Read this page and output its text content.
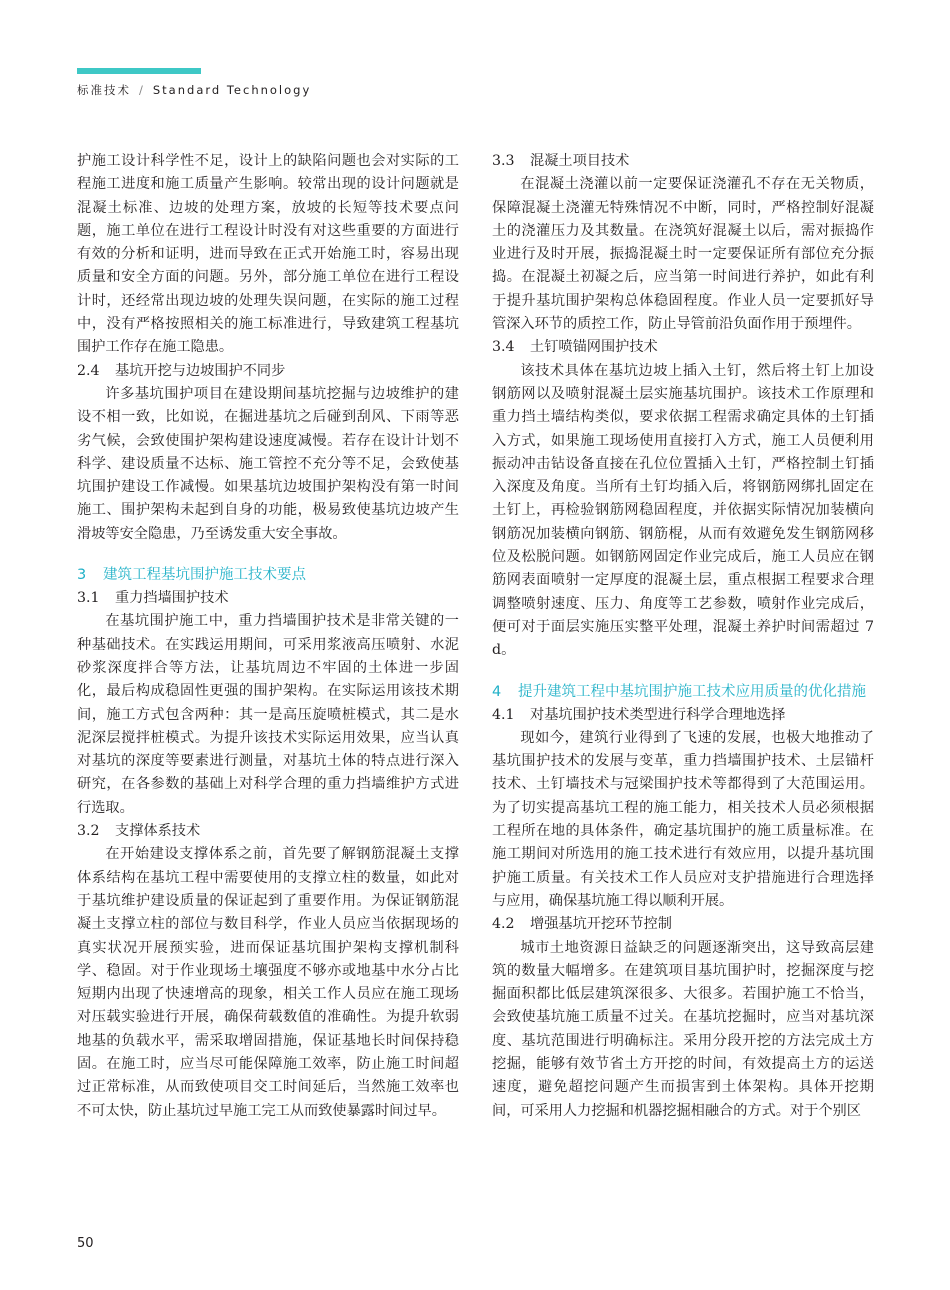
标准技术 / Standard Technology

护施工设计科学性不足，设计上的缺陷问题也会对实际的工程施工进度和施工质量产生影响。较常出现的设计问题就是混凝土标准、边坡的处理方案，放坡的长短等技术要点问题，施工单位在进行工程设计时没有对这些重要的方面进行有效的分析和证明，进而导致在正式开始施工时，容易出现质量和安全方面的问题。另外，部分施工单位在进行工程设计时，还经常出现边坡的处理失误问题，在实际的施工过程中，没有严格按照相关的施工标准进行，导致建筑工程基坑围护工作存在施工隐患。

2.4 基坑开挖与边坡围护不同步

许多基坑围护项目在建设期间基坑挖掘与边坡维护的建设不相一致，比如说，在掘进基坑之后碰到刮风、下雨等恶劣气候，会致使围护架构建设速度减慢。若存在设计计划不科学、建设质量不达标、施工管控不充分等不足，会致使基坑围护建设工作减慢。如果基坑边坡围护架构没有第一时间施工、围护架构未起到自身的功能，极易致使基坑边坡产生滑坡等安全隐患，乃至诱发重大安全事故。

3 建筑工程基坑围护施工技术要点
3.1 重力挡墙围护技术

在基坑围护施工中，重力挡墙围护技术是非常关键的一种基础技术。在实践运用期间，可采用浆液高压喷射、水泥砂浆深度拌合等方法，让基坑周边不牢固的土体进一步固化，最后构成稳固性更强的围护架构。在实际运用该技术期间，施工方式包含两种：其一是高压旋喷桩模式，其二是水泥深层搅拌桩模式。为提升该技术实际运用效果，应当认真对基坑的深度等要素进行测量，对基坑土体的特点进行深入研究，在各参数的基础上对科学合理的重力挡墙维护方式进行选取。

3.2 支撑体系技术

在开始建设支撑体系之前，首先要了解钢筋混凝土支撑体系结构在基坑工程中需要使用的支撑立柱的数量，如此对于基坑维护建设质量的保证起到了重要作用。为保证钢筋混凝土支撑立柱的部位与数目科学，作业人员应当依据现场的真实状况开展预实验，进而保证基坑围护架构支撑机制科学、稳固。对于作业现场土壤强度不够亦或地基中水分占比短期内出现了快速增高的现象，相关工作人员应在施工现场对压载实验进行开展，确保荷载数值的准确性。为提升软弱地基的负载水平，需采取增固措施，保证基地长时间保持稳固。在施工时，应当尽可能保障施工效率，防止施工时间超过正常标准，从而致使项目交工时间延后，当然施工效率也不可太快，防止基坑过早施工完工从而致使暴露时间过早。

3.3 混凝土项目技术

在混凝土浇灌以前一定要保证浇灌孔不存在无关物质，保障混凝土浇灌无特殊情况不中断，同时，严格控制好混凝土的浇灌压力及其数量。在浇筑好混凝土以后，需对振捣作业进行及时开展，振捣混凝土时一定要保证所有部位充分振捣。在混凝土初凝之后，应当第一时间进行养护，如此有利于提升基坑围护架构总体稳固程度。作业人员一定要抓好导管深入环节的质控工作，防止导管前沿负面作用于预埋件。

3.4 土钉喷锚网围护技术

该技术具体在基坑边坡上插入土钉，然后将土钉上加设钢筋网以及喷射混凝土层实施基坑围护。该技术工作原理和重力挡土墙结构类似，要求依据工程需求确定具体的土钉插入方式，如果施工现场使用直接打入方式，施工人员便利用振动冲击钻设备直接在孔位位置插入土钉，严格控制土钉插入深度及角度。当所有土钉均插入后，将钢筋网绑扎固定在土钉上，再检验钢筋网稳固程度，并依据实际情况加装横向钢筋况加装横向钢筋、钢筋棍，从而有效避免发生钢筋网移位及松脱问题。如钢筋网固定作业完成后，施工人员应在钢筋网表面喷射一定厚度的混凝土层，重点根据工程要求合理调整喷射速度、压力、角度等工艺参数，喷射作业完成后，便可对于面层实施压实整平处理，混凝土养护时间需超过 7 d。

4 提升建筑工程中基坑围护施工技术应用质量的优化措施
4.1 对基坑围护技术类型进行科学合理地选择

现如今，建筑行业得到了飞速的发展，也极大地推动了基坑围护技术的发展与变革，重力挡墙围护技术、土层锚杆技术、土钉墙技术与冠梁围护技术等都得到了大范围运用。为了切实提高基坑工程的施工能力，相关技术人员必须根据工程所在地的具体条件，确定基坑围护的施工质量标准。在施工期间对所选用的施工技术进行有效应用，以提升基坑围护施工质量。有关技术工作人员应对支护措施进行合理选择与应用，确保基坑施工得以顺利开展。

4.2 增强基坑开挖环节控制

城市土地资源日益缺乏的问题逐渐突出，这导致高层建筑的数量大幅增多。在建筑项目基坑围护时，挖掘深度与挖掘面积都比低层建筑深很多、大很多。若围护施工不恰当，会致使基坑施工质量不过关。在基坑挖掘时，应当对基坑深度、基坑范围进行明确标注。采用分段开挖的方法完成土方挖掘，能够有效节省土方开挖的时间，有效提高土方的运送速度，避免超挖问题产生而损害到土体架构。具体开挖期间，可采用人力挖掘和机器挖掘相融合的方式。对于个别区

50
